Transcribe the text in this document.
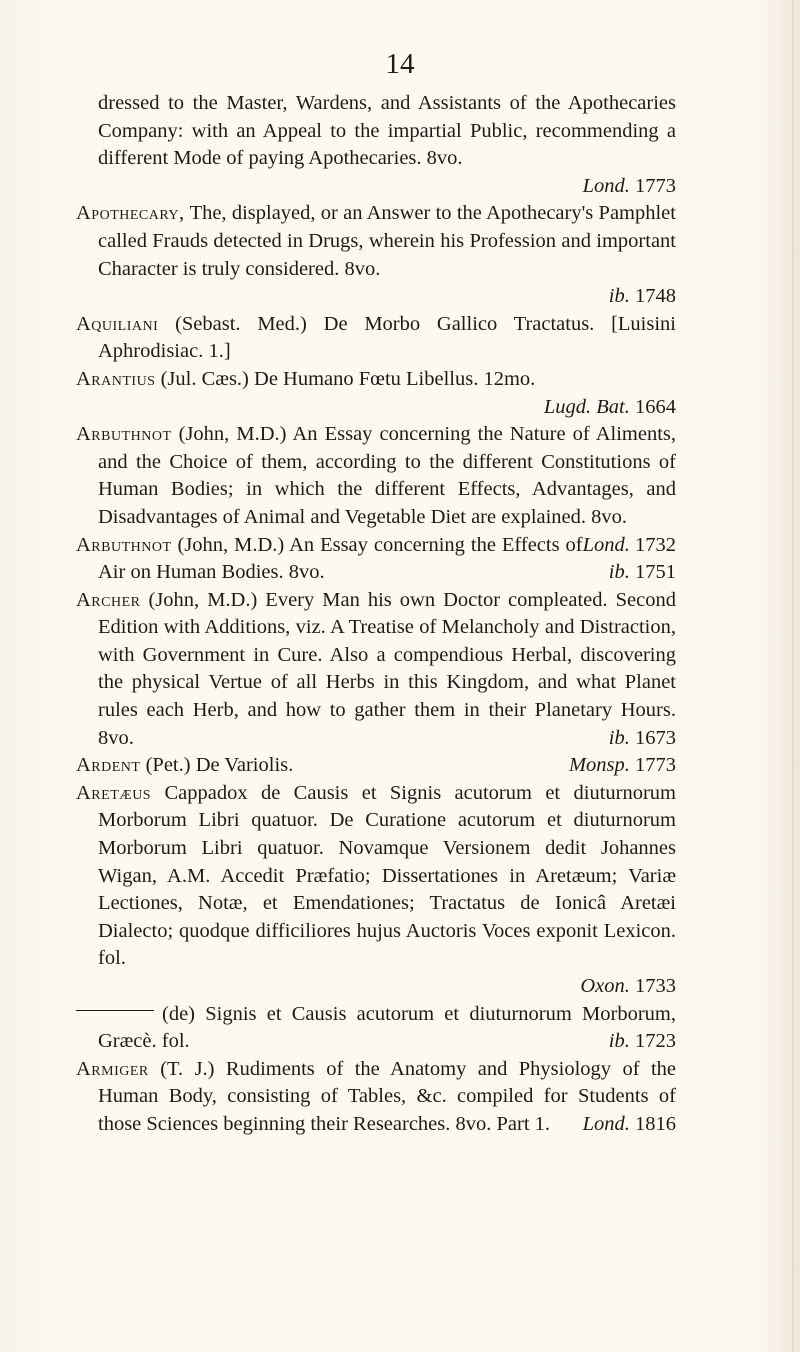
14

dressed to the Master, Wardens, and Assistants of the Apothecaries Company: with an Appeal to the impartial Public, recommending a different Mode of paying Apothecaries. 8vo.
Lond. 1773

Apothecary, The, displayed, or an Answer to the Apothecary's Pamphlet called Frauds detected in Drugs, wherein his Profession and important Character is truly considered. 8vo.
ib. 1748

Aquiliani (Sebast. Med.) De Morbo Gallico Tractatus. [Luisini Aphrodisiac. 1.]

Arantius (Jul. Cæs.) De Humano Fœtu Libellus. 12mo.
Lugd. Bat. 1664

Arbuthnot (John, M.D.) An Essay concerning the Nature of Aliments, and the Choice of them, according to the different Constitutions of Human Bodies; in which the different Effects, Advantages, and Disadvantages of Animal and Vegetable Diet are explained. 8vo.
Lond. 1732

Arbuthnot (John, M.D.) An Essay concerning the Effects of Air on Human Bodies. 8vo.	ib. 1751

Archer (John, M.D.) Every Man his own Doctor compleated. Second Edition with Additions, viz. A Treatise of Melancholy and Distraction, with Government in Cure. Also a compendious Herbal, discovering the physical Vertue of all Herbs in this Kingdom, and what Planet rules each Herb, and how to gather them in their Planetary Hours. 8vo.	ib. 1673

Ardent (Pet.) De Variolis.	Monsp. 1773

Aretæus Cappadox de Causis et Signis acutorum et diuturnorum Morborum Libri quatuor. De Curatione acutorum et diuturnorum Morborum Libri quatuor. Novamque Versionem dedit Johannes Wigan, A.M. Accedit Præfatio; Dissertationes in Aretæum; Variæ Lectiones, Notæ, et Emendationes; Tractatus de Ionicâ Aretæi Dialecto; quodque difficiliores hujus Auctoris Voces exponit Lexicon. fol.
Oxon. 1733

(de) Signis et Causis acutorum et diuturnorum Morborum, Græcè. fol.	ib. 1723

Armiger (T. J.) Rudiments of the Anatomy and Physiology of the Human Body, consisting of Tables, &c. compiled for Students of those Sciences beginning their Researches. 8vo. Part 1. Lond. 1816
